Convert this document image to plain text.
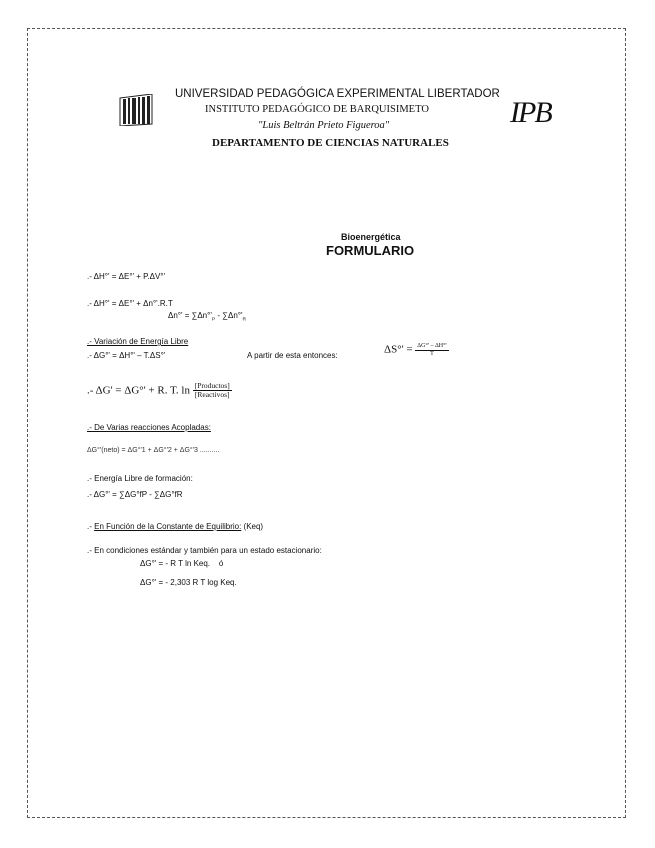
UNIVERSIDAD PEDAGÓGICA EXPERIMENTAL LIBERTADOR
INSTITUTO PEDAGÓGICO DE BARQUISIMETO
"Luis Beltrán Prieto Figueroa"
DEPARTAMENTO DE CIENCIAS NATURALES
IPB
Bioenergética
FORMULARIO
.- ΔH°' = ΔE°' + P.ΔV°'
.- ΔH°' = ΔE°' + Δn°'.R.T
$\Delta n^\circ' = \sum\Delta n^\circ'_P - \sum\Delta n^\circ'_R$
.- Variación de Energía Libre
.- ΔG°' = ΔH°' – T.ΔS°'	A partir de esta entonces:	$\Delta S^\circ' = \frac{\Delta G^\circ' - \Delta H^\circ'}{T}$
.- ΔG' = ΔG°' + R. T. $\ln \frac{\text{[Productos]}}{\text{[Reactivos]}}$
.- De Varias reacciones Acopladas:
ΔG°'(neto) = ΔG°'1 + ΔG°'2 + ΔG°'3 ..........
.- Energía Libre de formación:
.- ΔG°' = ∑ΔG°fP - ∑ΔG°fR
.- En Función de la Constante de Equilibrio: (Keq)
.- En condiciones estándar y también para un estado estacionario:
ΔG°' = - R T ln Keq.    ó
ΔG°' = - 2,303 R T log Keq.
